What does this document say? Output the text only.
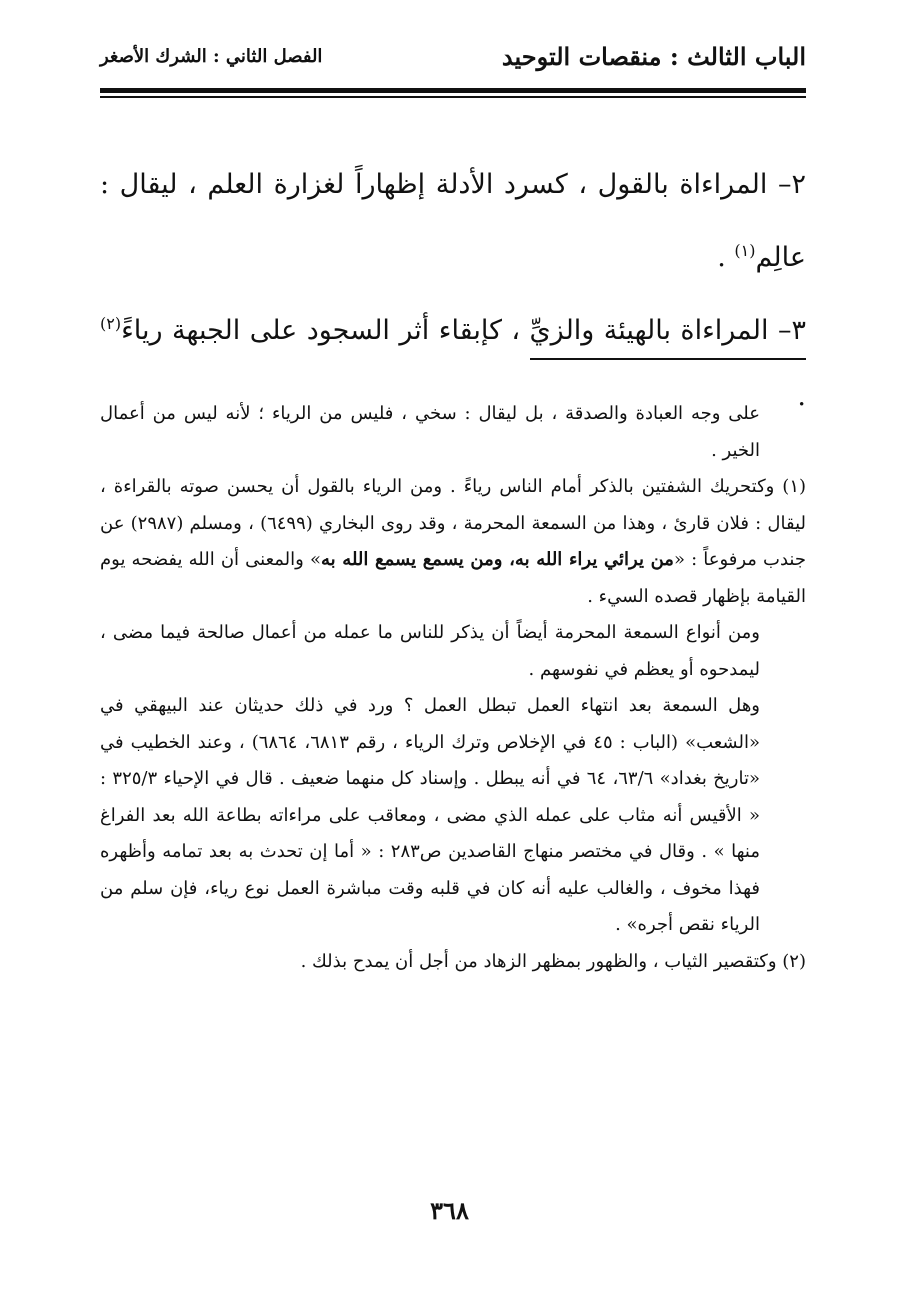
الباب الثالث : منقصات التوحيد
الفصل الثاني : الشرك الأصغر

٢– المراءاة بالقول ، كسرد الأدلة إظهاراً لغزارة العلم ، ليقال : عالِم$^{(١)}$ .

٣– المراءاة بالهيئة والزيِّ ، كإبقاء أثر السجود على الجبهة رياءً$^{(٢)}$ .

على وجه العبادة والصدقة ، بل ليقال : سخي ، فليس من الرياء ؛ لأنه ليس من أعمال الخير .

(١) وكتحريك الشفتين بالذكر أمام الناس رياءً . ومن الرياء بالقول أن يحسن صوته بالقراءة ، ليقال : فلان قارئ ، وهذا من السمعة المحرمة ، وقد روى البخاري (٦٤٩٩) ، ومسلم (٢٩٨٧) عن جندب مرفوعاً : «من يرائي يراء الله به، ومن يسمع يسمع الله به» والمعنى أن الله يفضحه يوم القيامة بإظهار قصده السيء .

ومن أنواع السمعة المحرمة أيضاً أن يذكر للناس ما عمله من أعمال صالحة فيما مضى ، ليمدحوه أو يعظم في نفوسهم .

وهل السمعة بعد انتهاء العمل تبطل العمل ؟ ورد في ذلك حديثان عند البيهقي في «الشعب» (الباب : ٤٥ في الإخلاص وترك الرياء ، رقم ٦٨١٣، ٦٨٦٤) ، وعند الخطيب في «تاريخ بغداد» ٦٣/٦، ٦٤ في أنه يبطل . وإسناد كل منهما ضعيف . قال في الإحياء ٣٢٥/٣ : « الأقيس أنه مثاب على عمله الذي مضى ، ومعاقب على مراءاته بطاعة الله بعد الفراغ منها » . وقال في مختصر منهاج القاصدين ص٢٨٣ : « أما إن تحدث به بعد تمامه وأظهره فهذا مخوف ، والغالب عليه أنه كان في قلبه وقت مباشرة العمل نوع رياء، فإن سلم من الرياء نقص أجره» .

(٢) وكتقصير الثياب ، والظهور بمظهر الزهاد من أجل أن يمدح بذلك .

٣٦٨
